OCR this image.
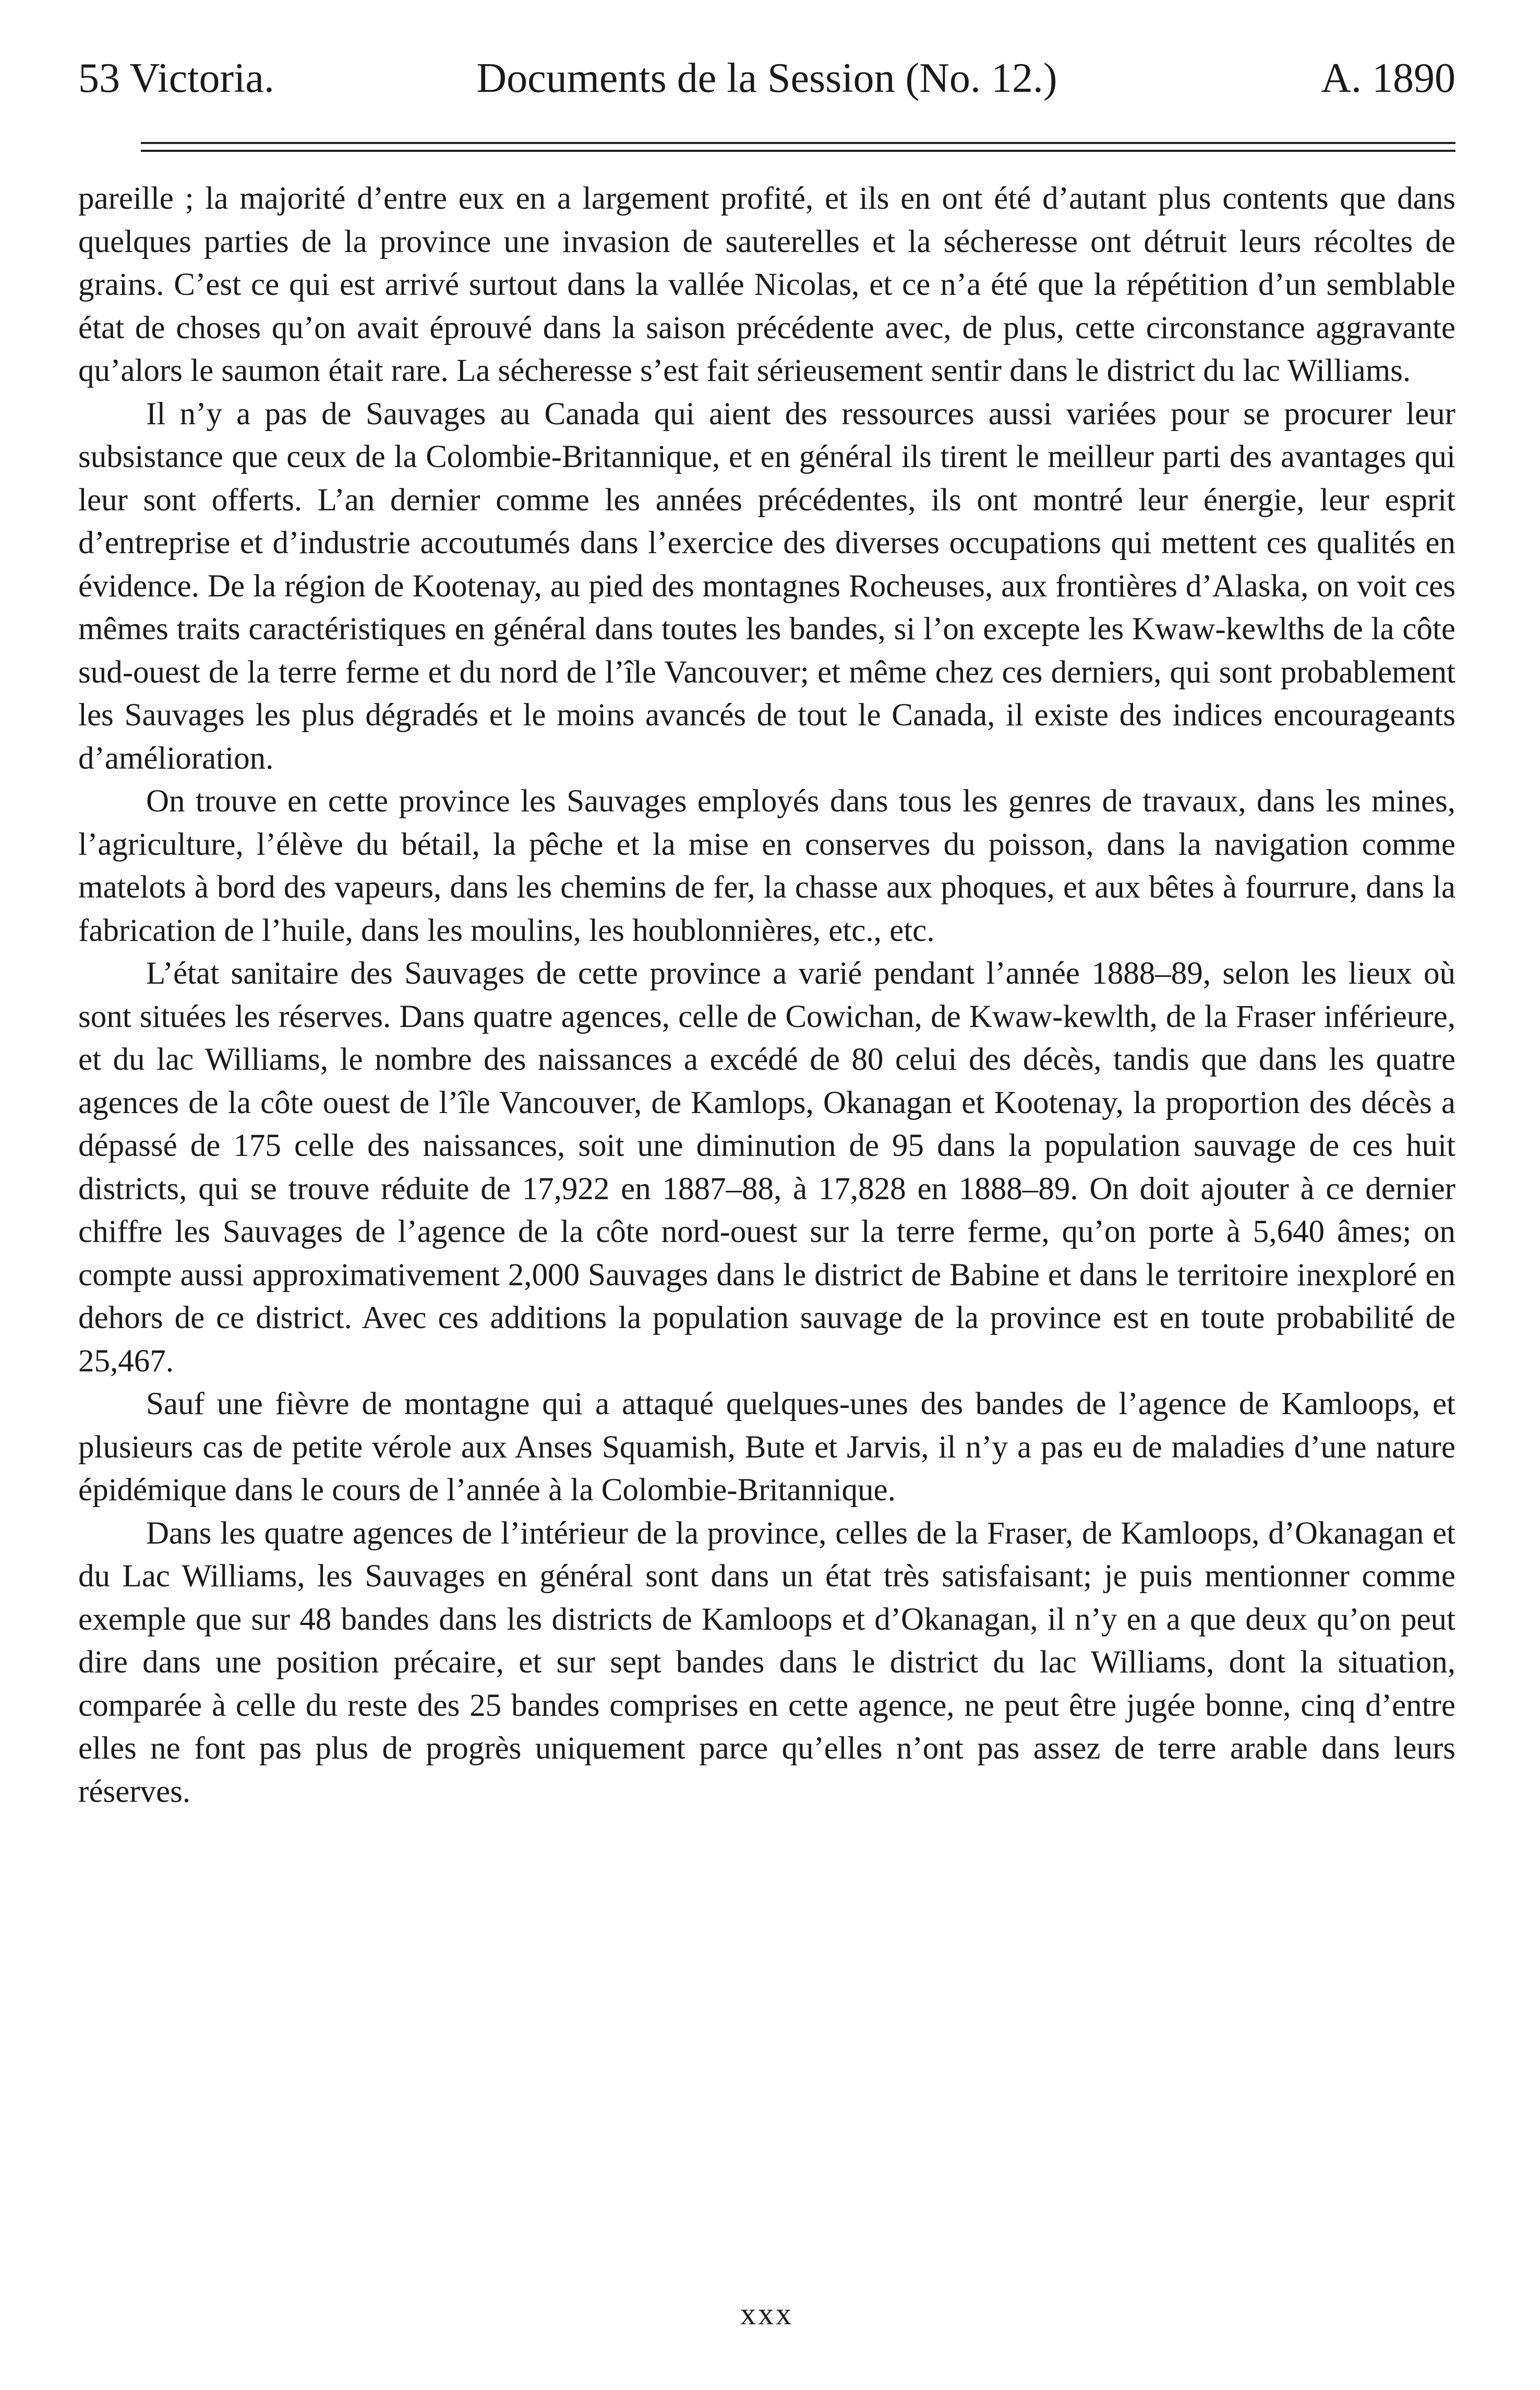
53 Victoria.	Documents de la Session (No. 12.)	A. 1890

pareille ; la majorité d’entre eux en a largement profité, et ils en ont été d’autant plus contents que dans quelques parties de la province une invasion de sauterelles et la sécheresse ont détruit leurs récoltes de grains. C’est ce qui est arrivé surtout dans la vallée Nicolas, et ce n’a été que la répétition d’un semblable état de choses qu’on avait éprouvé dans la saison précédente avec, de plus, cette circonstance aggravante qu’alors le saumon était rare. La sécheresse s’est fait sérieusement sentir dans le district du lac Williams.

Il n’y a pas de Sauvages au Canada qui aient des ressources aussi variées pour se procurer leur subsistance que ceux de la Colombie-Britannique, et en général ils tirent le meilleur parti des avantages qui leur sont offerts. L’an dernier comme les années précédentes, ils ont montré leur énergie, leur esprit d’entreprise et d’industrie accoutumés dans l’exercice des diverses occupations qui mettent ces qualités en évidence. De la région de Kootenay, au pied des montagnes Rocheuses, aux frontières d’Alaska, on voit ces mêmes traits caractéristiques en général dans toutes les bandes, si l’on excepte les Kwaw-kewlths de la côte sud-ouest de la terre ferme et du nord de l’île Vancouver; et même chez ces derniers, qui sont probablement les Sauvages les plus dégradés et le moins avancés de tout le Canada, il existe des indices encourageants d’amélioration.

On trouve en cette province les Sauvages employés dans tous les genres de travaux, dans les mines, l’agriculture, l’élève du bétail, la pêche et la mise en conserves du poisson, dans la navigation comme matelots à bord des vapeurs, dans les chemins de fer, la chasse aux phoques, et aux bêtes à fourrure, dans la fabrication de l’huile, dans les moulins, les houblonnières, etc., etc.

L’état sanitaire des Sauvages de cette province a varié pendant l’année 1888–89, selon les lieux où sont situées les réserves. Dans quatre agences, celle de Cowichan, de Kwaw-kewlth, de la Fraser inférieure, et du lac Williams, le nombre des naissances a excédé de 80 celui des décès, tandis que dans les quatre agences de la côte ouest de l’île Vancouver, de Kamlops, Okanagan et Kootenay, la proportion des décès a dépassé de 175 celle des naissances, soit une diminution de 95 dans la population sauvage de ces huit districts, qui se trouve réduite de 17,922 en 1887–88, à 17,828 en 1888–89. On doit ajouter à ce dernier chiffre les Sauvages de l’agence de la côte nord-ouest sur la terre ferme, qu’on porte à 5,640 âmes; on compte aussi approximativement 2,000 Sauvages dans le district de Babine et dans le territoire inexploré en dehors de ce district. Avec ces additions la population sauvage de la province est en toute probabilité de 25,467.

Sauf une fièvre de montagne qui a attaqué quelques-unes des bandes de l’agence de Kamloops, et plusieurs cas de petite vérole aux Anses Squamish, Bute et Jarvis, il n’y a pas eu de maladies d’une nature épidémique dans le cours de l’année à la Colombie-Britannique.

Dans les quatre agences de l’intérieur de la province, celles de la Fraser, de Kamloops, d’Okanagan et du Lac Williams, les Sauvages en général sont dans un état très satisfaisant; je puis mentionner comme exemple que sur 48 bandes dans les districts de Kamloops et d’Okanagan, il n’y en a que deux qu’on peut dire dans une position précaire, et sur sept bandes dans le district du lac Williams, dont la situation, comparée à celle du reste des 25 bandes comprises en cette agence, ne peut être jugée bonne, cinq d’entre elles ne font pas plus de progrès uniquement parce qu’elles n’ont pas assez de terre arable dans leurs réserves.

xxx
